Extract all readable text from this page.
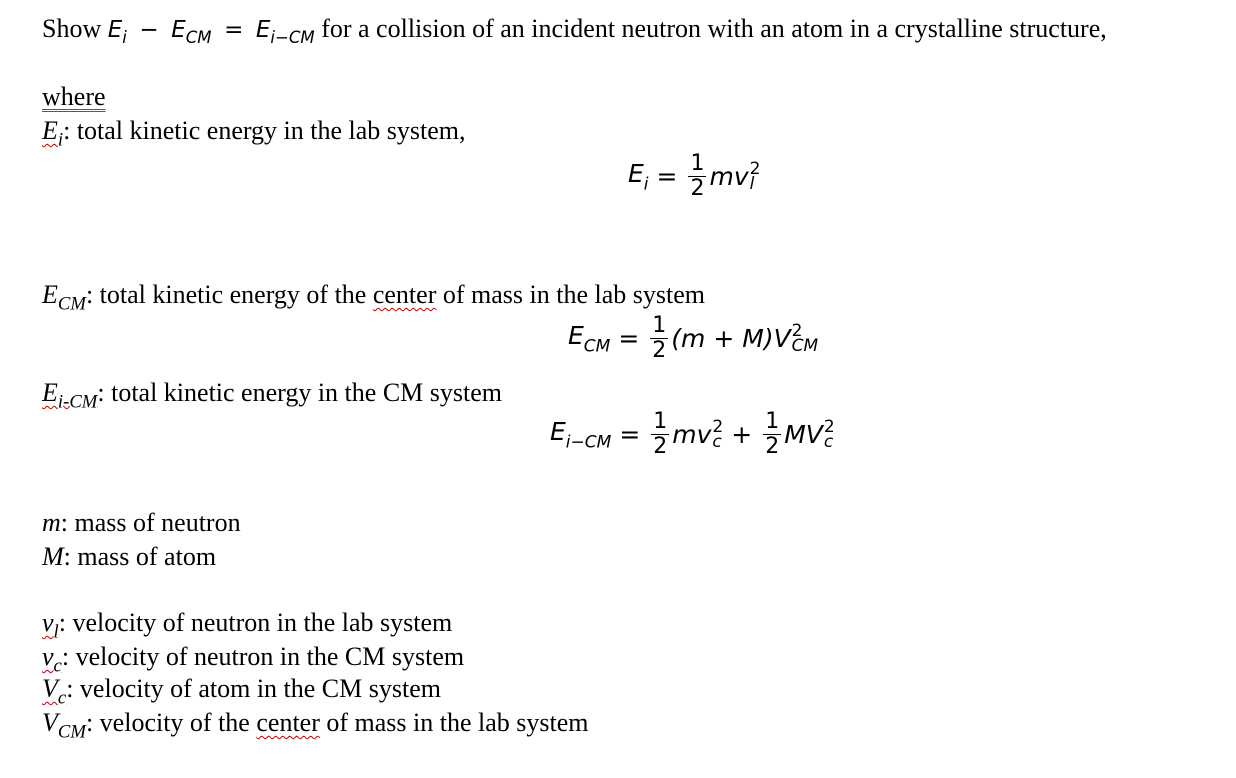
Show $E_i - E_{CM} = E_{i-CM}$ for a collision of an incident neutron with an atom in a crystalline structure,
where
$E_i$: total kinetic energy in the lab system,
$E_i = \frac{1}{2}$ mv 2
l
$E_{CM}$: total kinetic energy of the center of mass in the lab system
$E_{CM} = \frac{1}{2} (m + M)V$ 2
CM
$E_{i-CM}$: total kinetic energy in the CM system
$E_{i-CM} = \frac{1}{2}$ mv 2
$c + \frac{1}{2}$ MV 2
c
m: mass of neutron
M: mass of atom
$v_l$: velocity of neutron in the lab system
$v_c$: velocity of neutron in the CM system
$V_c$: velocity of atom in the CM system
$V_{CM}$: velocity of the center of mass in the lab system
